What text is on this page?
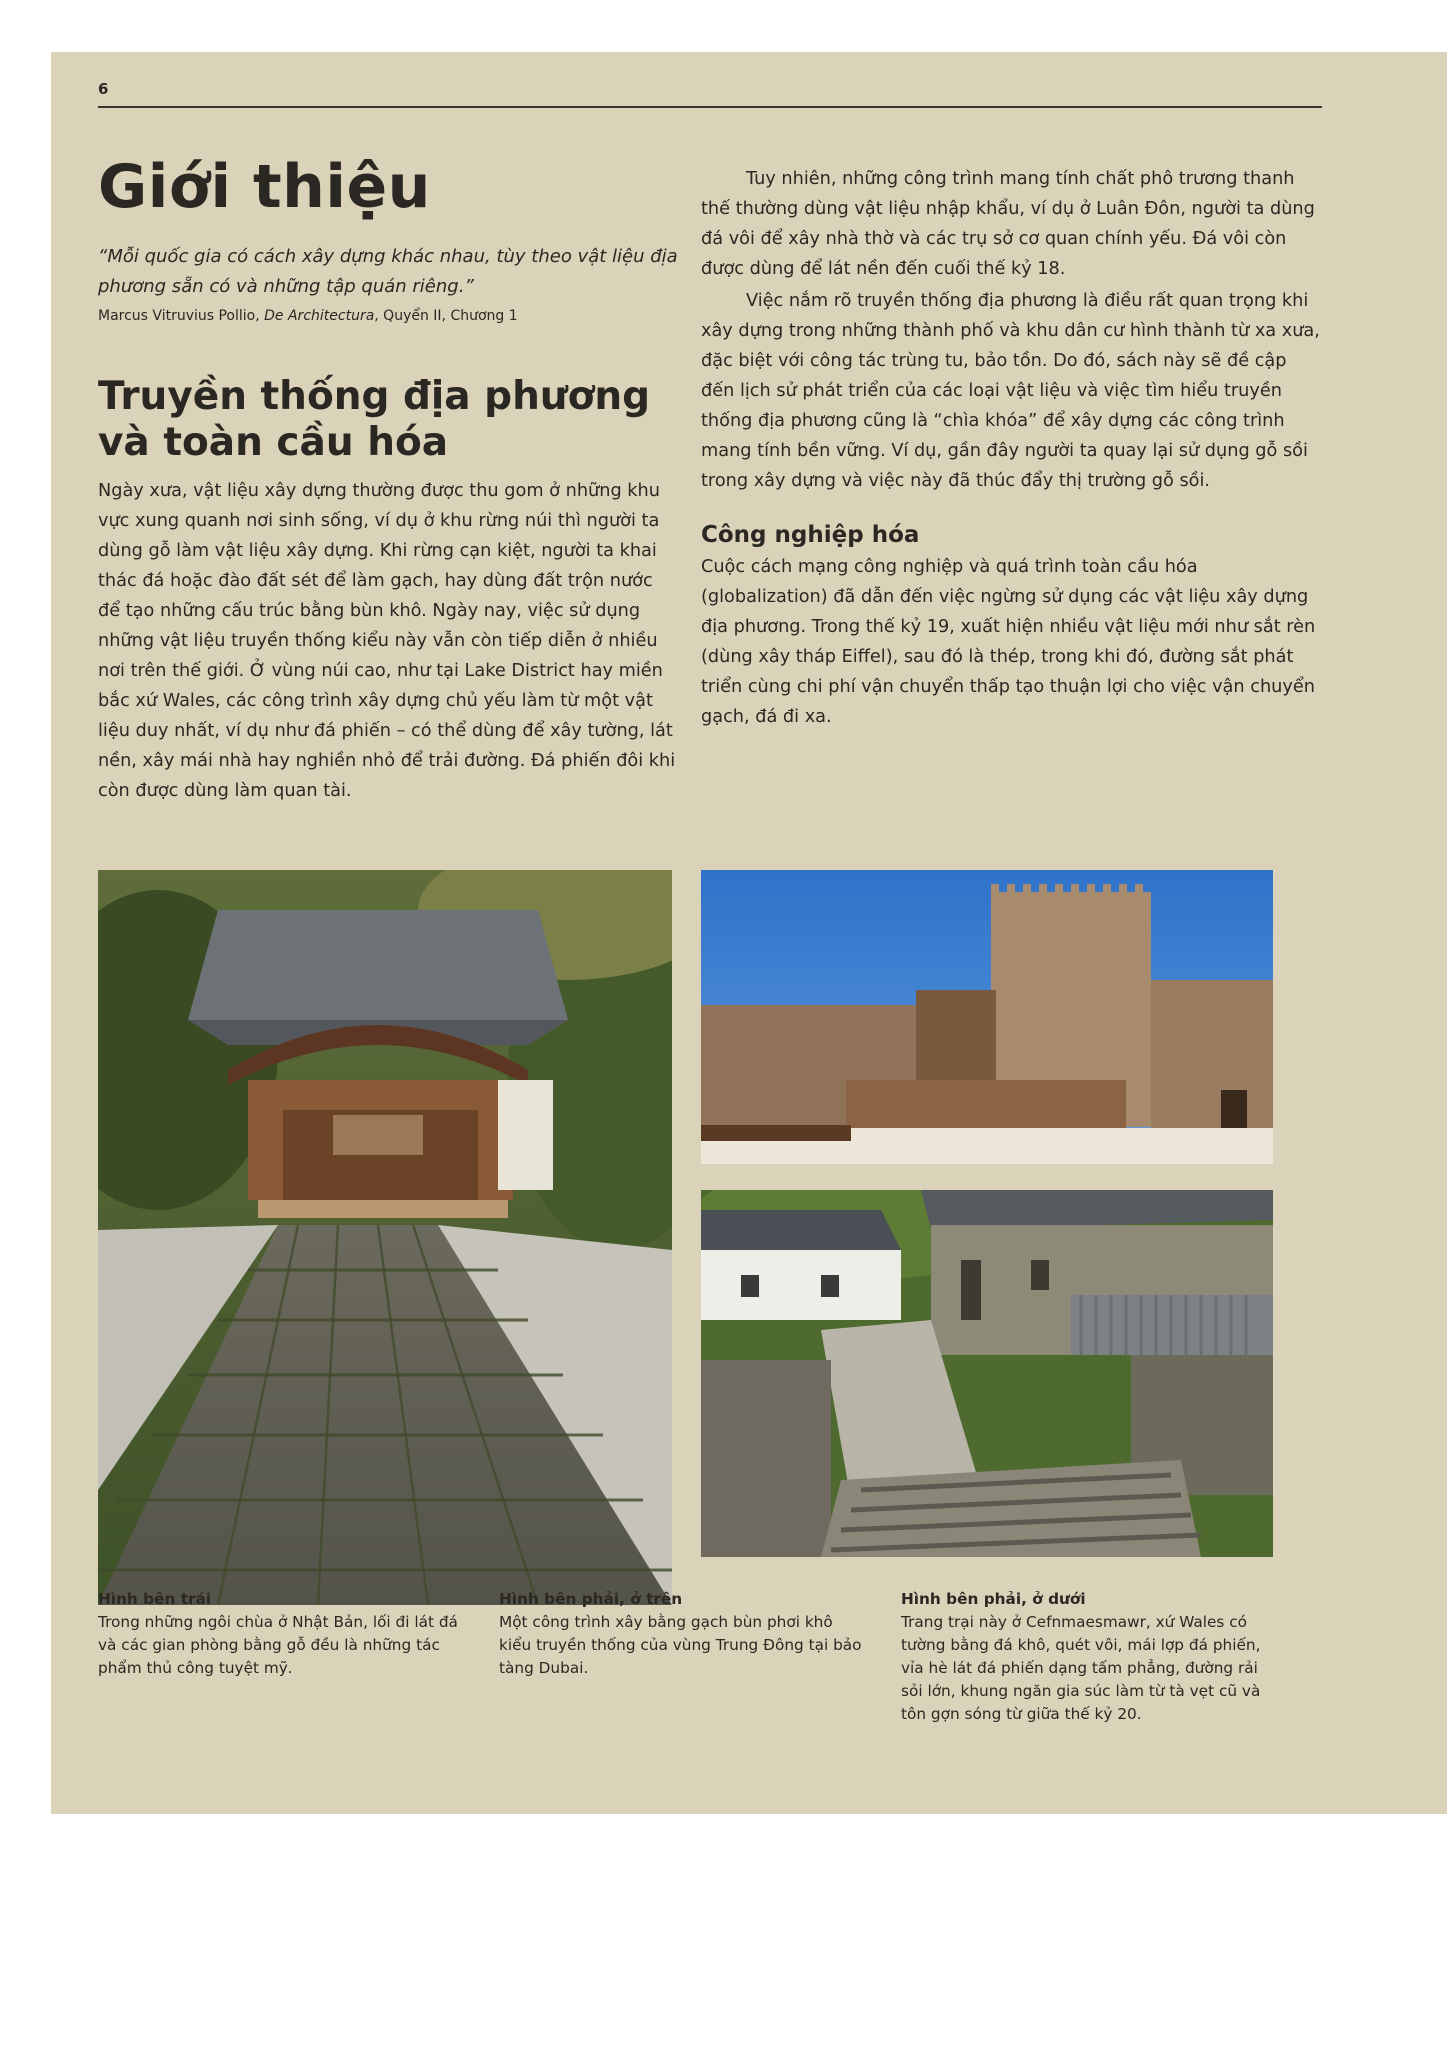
6
Giới thiệu

“Mỗi quốc gia có cách xây dựng khác nhau, tùy theo vật liệu địa phương sẵn có và những tập quán riêng.”

Marcus Vitruvius Pollio, De Architectura, Quyển II, Chương 1

Truyền thống địa phương và toàn cầu hóa

Ngày xưa, vật liệu xây dựng thường được thu gom ở những khu vực xung quanh nơi sinh sống, ví dụ ở khu rừng núi thì người ta dùng gỗ làm vật liệu xây dựng. Khi rừng cạn kiệt, người ta khai thác đá hoặc đào đất sét để làm gạch, hay dùng đất trộn nước để tạo những cấu trúc bằng bùn khô. Ngày nay, việc sử dụng những vật liệu truyền thống kiểu này vẫn còn tiếp diễn ở nhiều nơi trên thế giới. Ở vùng núi cao, như tại Lake District hay miền bắc xứ Wales, các công trình xây dựng chủ yếu làm từ một vật liệu duy nhất, ví dụ như đá phiến – có thể dùng để xây tường, lát nền, xây mái nhà hay nghiền nhỏ để trải đường. Đá phiến đôi khi còn được dùng làm quan tài.

Tuy nhiên, những công trình mang tính chất phô trương thanh thế thường dùng vật liệu nhập khẩu, ví dụ ở Luân Đôn, người ta dùng đá vôi để xây nhà thờ và các trụ sở cơ quan chính yếu. Đá vôi còn được dùng để lát nền đến cuối thế kỷ 18.

Việc nắm rõ truyền thống địa phương là điều rất quan trọng khi xây dựng trong những thành phố và khu dân cư hình thành từ xa xưa, đặc biệt với công tác trùng tu, bảo tồn. Do đó, sách này sẽ đề cập đến lịch sử phát triển của các loại vật liệu và việc tìm hiểu truyền thống địa phương cũng là “chìa khóa” để xây dựng các công trình mang tính bền vững. Ví dụ, gần đây người ta quay lại sử dụng gỗ sồi trong xây dựng và việc này đã thúc đẩy thị trường gỗ sồi.

Công nghiệp hóa

Cuộc cách mạng công nghiệp và quá trình toàn cầu hóa (globalization) đã dẫn đến việc ngừng sử dụng các vật liệu xây dựng địa phương. Trong thế kỷ 19, xuất hiện nhiều vật liệu mới như sắt rèn (dùng xây tháp Eiffel), sau đó là thép, trong khi đó, đường sắt phát triển cùng chi phí vận chuyển thấp tạo thuận lợi cho việc vận chuyển gạch, đá đi xa.

Hình bên trái
Trong những ngôi chùa ở Nhật Bản, lối đi lát đá và các gian phòng bằng gỗ đều là những tác phẩm thủ công tuyệt mỹ.
Hình bên phải, ở trên
Một công trình xây bằng gạch bùn phơi khô kiểu truyền thống của vùng Trung Đông tại bảo tàng Dubai.
Hình bên phải, ở dưới
Trang trại này ở Cefnmaesmawr, xứ Wales có tường bằng đá khô, quét vôi, mái lợp đá phiến, vỉa hè lát đá phiến dạng tấm phẳng, đường rải sỏi lớn, khung ngăn gia súc làm từ tà vẹt cũ và tôn gợn sóng từ giữa thế kỷ 20.
